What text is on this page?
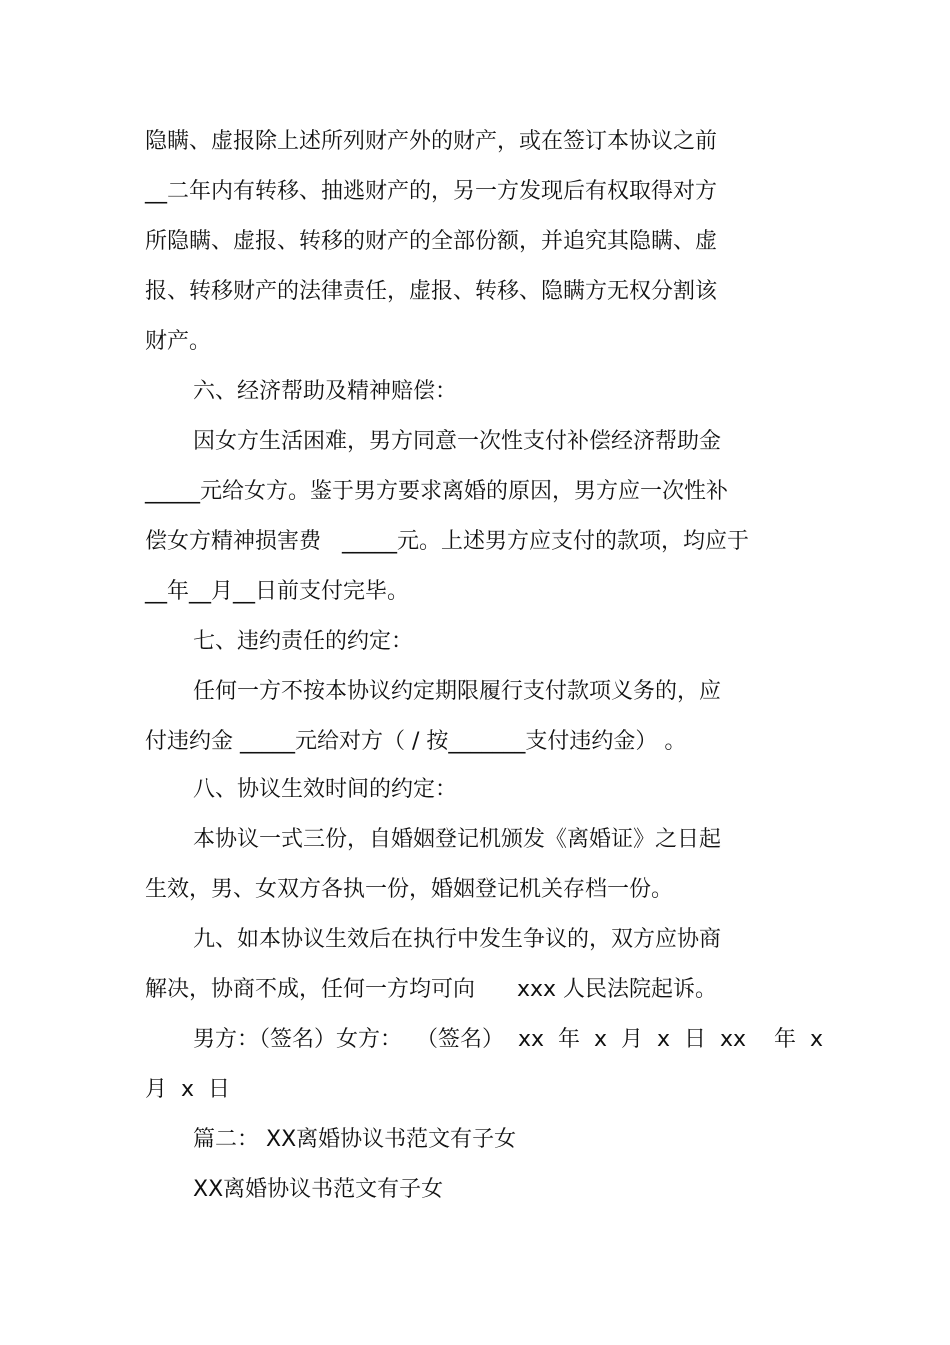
隐瞒、虚报除上述所列财产外的财产，或在签订本协议之前
__二年内有转移、抽逃财产的，另一方发现后有权取得对方
所隐瞒、虚报、转移的财产的全部份额，并追究其隐瞒、虚
报、转移财产的法律责任，虚报、转移、隐瞒方无权分割该
财产。
六、经济帮助及精神赔偿：
因女方生活困难，男方同意一次性支付补偿经济帮助金
_____元给女方。鉴于男方要求离婚的原因，男方应一次性补
偿女方精神损害费   _____元。上述男方应支付的款项，均应于
__年__月__日前支付完毕。
七、违约责任的约定：
任何一方不按本协议约定期限履行支付款项义务的，应
付违约金 _____元给对方（ / 按_______支付违约金） 。
八、协议生效时间的约定：
本协议一式三份，自婚姻登记机颁发《离婚证》之日起
生效，男、女双方各执一份，婚姻登记机关存档一份。
九、如本协议生效后在执行中发生争议的，双方应协商
解决，协商不成，任何一方均可向      xxx 人民法院起诉。
男方：（签名）女方：  （签名）  xx  年  x  月  x  日  xx    年  x
月  x  日
篇二： XX离婚协议书范文有子女
XX离婚协议书范文有子女
